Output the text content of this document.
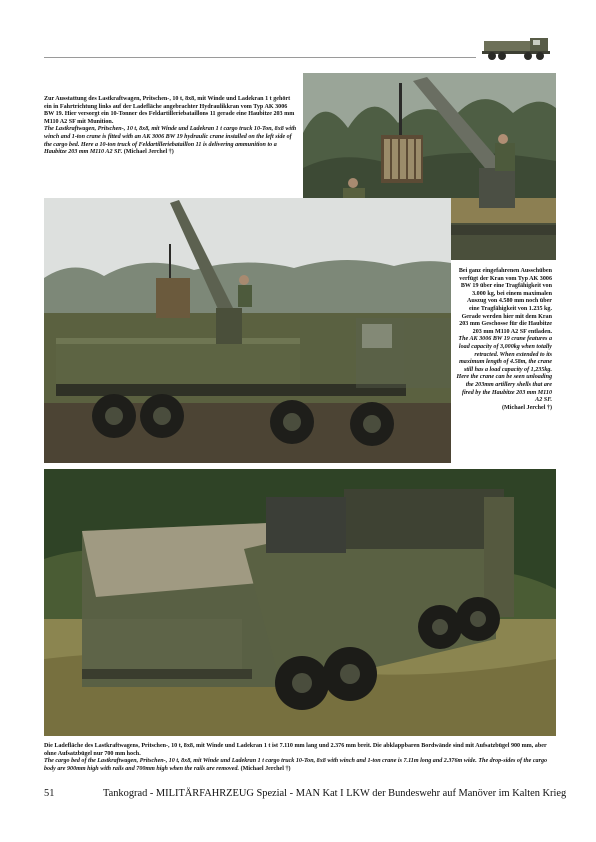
Zur Ausstattung des Lastkraftwagen, Pritschen-, 10 t, 8x8, mit Winde und Ladekran 1 t gehört ein in Fahrtrichtung links auf der Ladefläche angebrachter Hydraulikkran vom Typ AK 3006 BW 19. Hier versorgt ein 10-Tonner des Feldartilleriebataillons 11 gerade eine Haubitze 203 mm M110 A2 SF mit Munition.

The Lastkraftwagen, Pritschen-, 10 t, 8x8, mit Winde und Ladekran 1 t cargo truck 10-Ton, 8x8 with winch and 1-ton crane is fitted with an AK 3006 BW 19 hydraulic crane installed on the left side of the cargo bed. Here a 10-ton truck of Feldartilleriebataillon 11 is delivering ammunition to a Haubitze 203 mm M110 A2 SF. (Michael Jerchel †)

Bei ganz eingefahrenen Ausschüben verfügt der Kran vom Typ AK 3006 BW 19 über eine Tragfähigkeit von 3.000 kg, bei einem maximalen Auszug von 4.580 mm noch über eine Tragfähigkeit von 1.235 kg. Gerade werden hier mit dem Kran 203 mm Geschosse für die Haubitze 203 mm M110 A2 SF entladen.

The AK 3006 BW 19 crane features a load capacity of 3,000kg when totally retracted. When extended to its maximum length of 4.58m, the crane still has a load capacity of 1,235kg. Here the crane can be seen unloading the 203mm artillery shells that are fired by the Haubitze 203 mm M110 A2 SF.

(Michael Jerchel †)

Die Ladefläche des Lastkraftwagens, Pritschen-, 10 t, 8x8, mit Winde und Ladekran 1 t ist 7.110 mm lang und 2.376 mm breit. Die abklappbaren Bordwände sind mit Aufsatzbügel 900 mm, aber ohne Aufsatzbügel nur 700 mm hoch.

The cargo bed of the Lastkraftwagen, Pritschen-, 10 t, 8x8, mit Winde und Ladekran 1 t cargo truck 10-Ton, 8x8 with winch and 1-ton crane is 7.11m long and 2.376m wide. The drop-sides of the cargo body are 900mm high with rails and 700mm high when the rails are removed. (Michael Jerchel †)

51	Tankograd - MILITÄRFAHRZEUG Spezial - MAN Kat I LKW der Bundeswehr auf Manöver im Kalten Krieg
